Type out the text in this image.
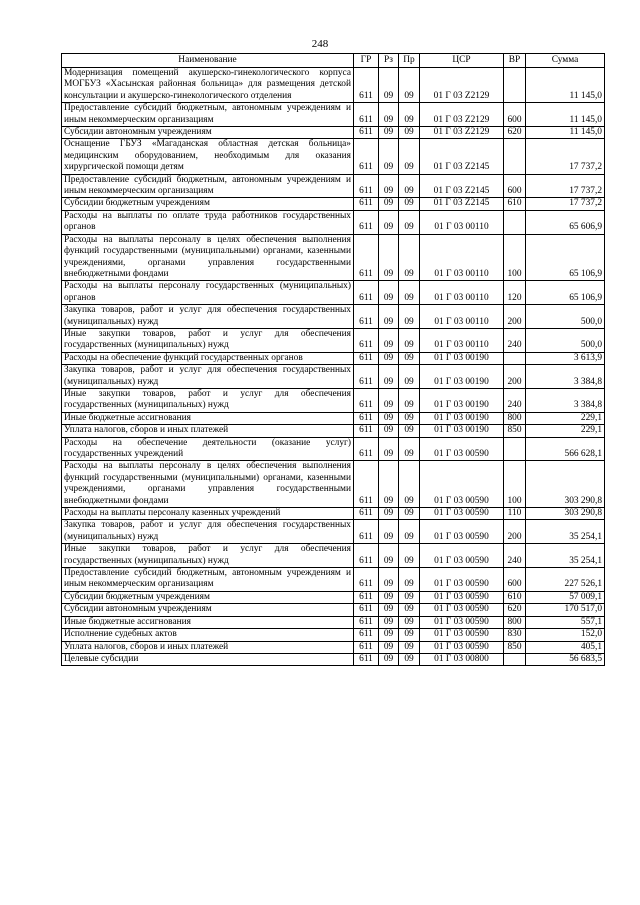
248
Наименование	ГР	Рз	Пр	ЦСР	ВР	Сумма
Модернизация помещений акушерско-гинекологического корпуса МОГБУЗ «Хасынская районная больница» для размещения детской консультации и акушерско-гинекологического отделения	611	09	09	01 Г 03 Z2129		11 145,0
Предоставление субсидий бюджетным, автономным учреждениям и иным некоммерческим организациям	611	09	09	01 Г 03 Z2129	600	11 145,0
Субсидии автономным учреждениям	611	09	09	01 Г 03 Z2129	620	11 145,0
Оснащение ГБУЗ «Магаданская областная детская больница» медицинским оборудованием, необходимым для оказания хирургической помощи детям	611	09	09	01 Г 03 Z2145		17 737,2
Предоставление субсидий бюджетным, автономным учреждениям и иным некоммерческим организациям	611	09	09	01 Г 03 Z2145	600	17 737,2
Субсидии бюджетным учреждениям	611	09	09	01 Г 03 Z2145	610	17 737,2
Расходы на выплаты по оплате труда работников государственных органов	611	09	09	01 Г 03 00110		65 606,9
Расходы на выплаты персоналу в целях обеспечения выполнения функций государственными (муниципальными) органами, казенными учреждениями, органами управления государственными внебюджетными фондами	611	09	09	01 Г 03 00110	100	65 106,9
Расходы на выплаты персоналу государственных (муниципальных) органов	611	09	09	01 Г 03 00110	120	65 106,9
Закупка товаров, работ и услуг для обеспечения государственных (муниципальных) нужд	611	09	09	01 Г 03 00110	200	500,0
Иные закупки товаров, работ и услуг для обеспечения государственных (муниципальных) нужд	611	09	09	01 Г 03 00110	240	500,0
Расходы на обеспечение функций государственных органов	611	09	09	01 Г 03 00190		3 613,9
Закупка товаров, работ и услуг для обеспечения государственных (муниципальных) нужд	611	09	09	01 Г 03 00190	200	3 384,8
Иные закупки товаров, работ и услуг для обеспечения государственных (муниципальных) нужд	611	09	09	01 Г 03 00190	240	3 384,8
Иные бюджетные ассигнования	611	09	09	01 Г 03 00190	800	229,1
Уплата налогов, сборов и иных платежей	611	09	09	01 Г 03 00190	850	229,1
Расходы на обеспечение деятельности (оказание услуг) государственных учреждений	611	09	09	01 Г 03 00590		566 628,1
Расходы на выплаты персоналу в целях обеспечения выполнения функций государственными (муниципальными) органами, казенными учреждениями, органами управления государственными внебюджетными фондами	611	09	09	01 Г 03 00590	100	303 290,8
Расходы на выплаты персоналу казенных учреждений	611	09	09	01 Г 03 00590	110	303 290,8
Закупка товаров, работ и услуг для обеспечения государственных (муниципальных) нужд	611	09	09	01 Г 03 00590	200	35 254,1
Иные закупки товаров, работ и услуг для обеспечения государственных (муниципальных) нужд	611	09	09	01 Г 03 00590	240	35 254,1
Предоставление субсидий бюджетным, автономным учреждениям и иным некоммерческим организациям	611	09	09	01 Г 03 00590	600	227 526,1
Субсидии бюджетным учреждениям	611	09	09	01 Г 03 00590	610	57 009,1
Субсидии автономным учреждениям	611	09	09	01 Г 03 00590	620	170 517,0
Иные бюджетные ассигнования	611	09	09	01 Г 03 00590	800	557,1
Исполнение судебных актов	611	09	09	01 Г 03 00590	830	152,0
Уплата налогов, сборов и иных платежей	611	09	09	01 Г 03 00590	850	405,1
Целевые субсидии	611	09	09	01 Г 03 00800		56 683,5
